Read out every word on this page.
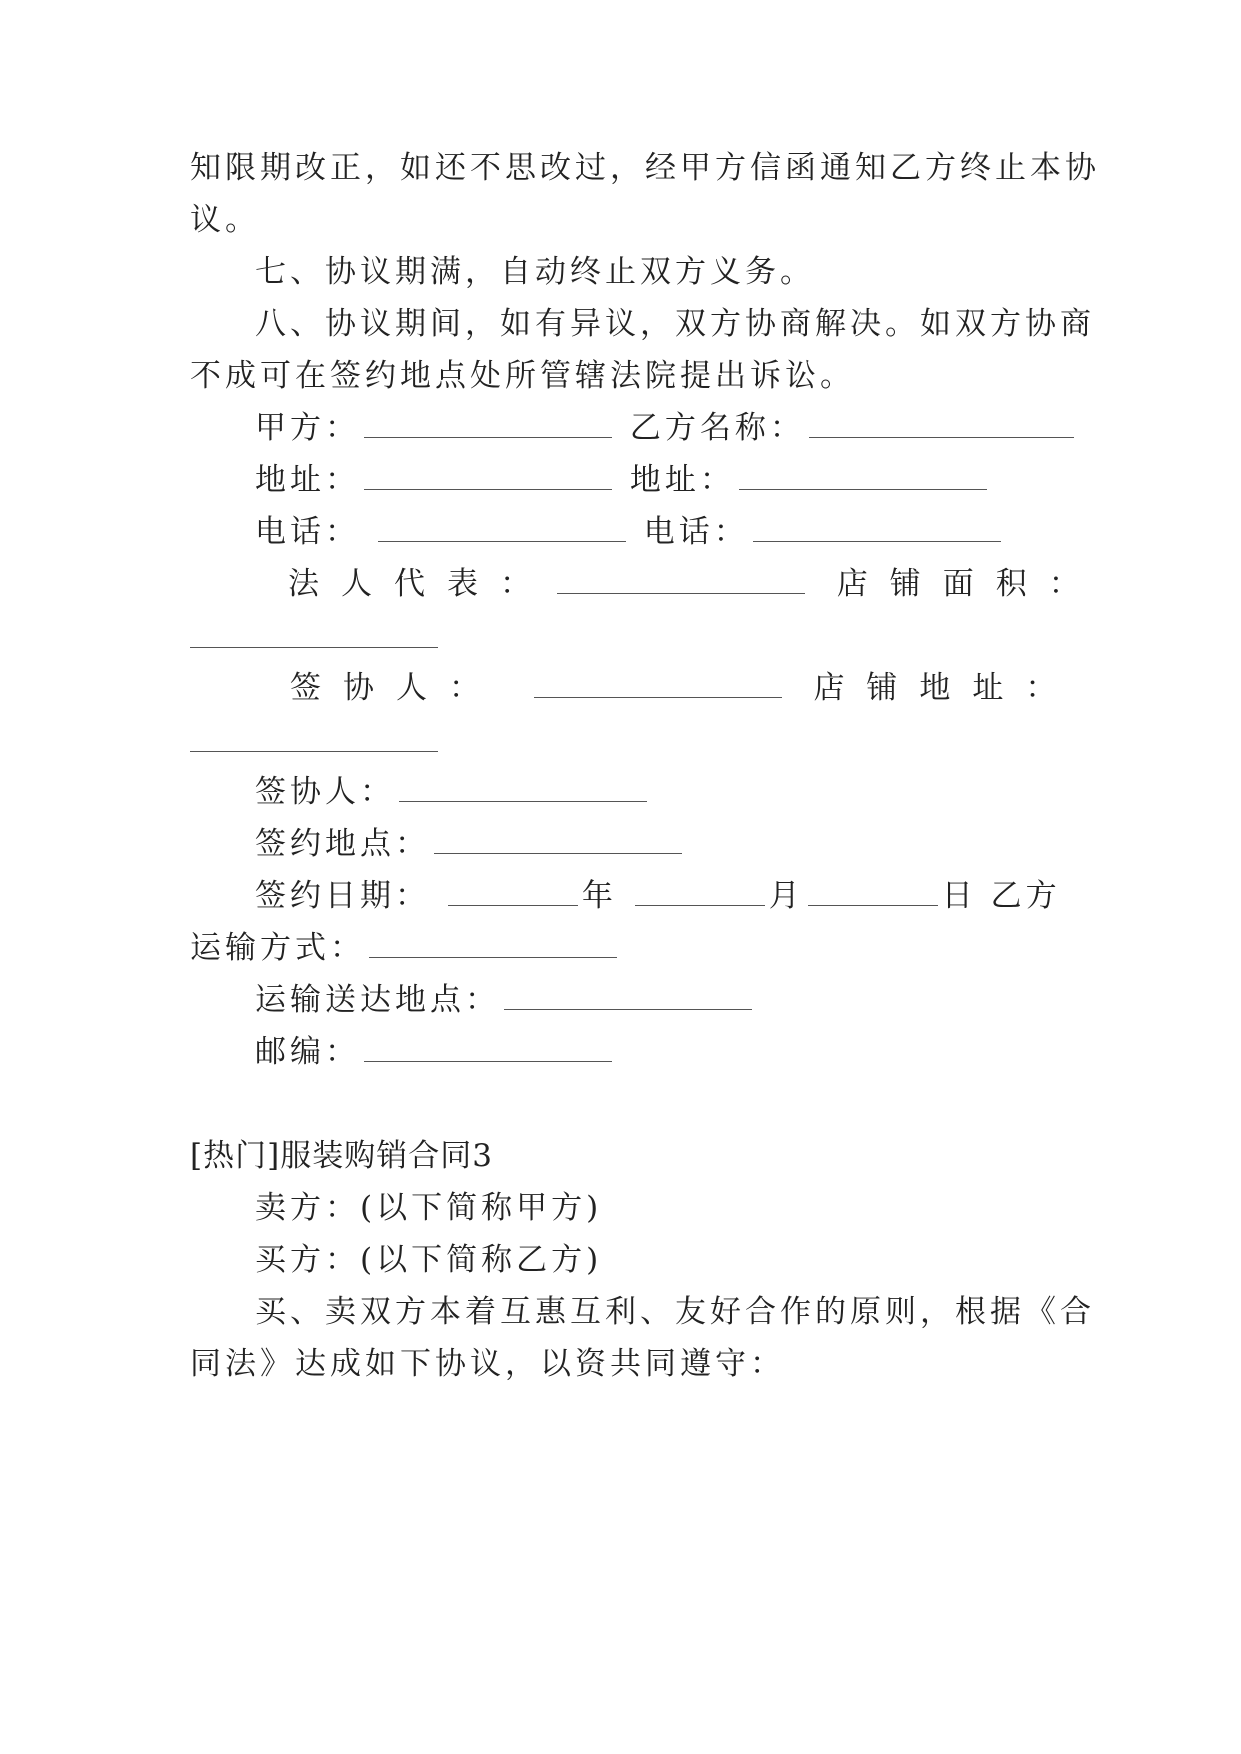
知限期改正，如还不思改过，经甲方信函通知乙方终止本协
议。
七、协议期满，自动终止双方义务。
八、协议期间，如有异议，双方协商解决。如双方协商
不成可在签约地点处所管辖法院提出诉讼。
甲方：	乙方名称：
地址：	地址：
电话：	电话：
法人代表：	店铺面积：
签协人：	店铺地址：
签协人：
签约地点：
签约日期：	年	月	日 乙方
运输方式：
运输送达地点：
邮编：
[热门]服装购销合同3
卖方：(以下简称甲方)
买方：(以下简称乙方)
买、卖双方本着互惠互利、友好合作的原则，根据《合
同法》达成如下协议，以资共同遵守：
